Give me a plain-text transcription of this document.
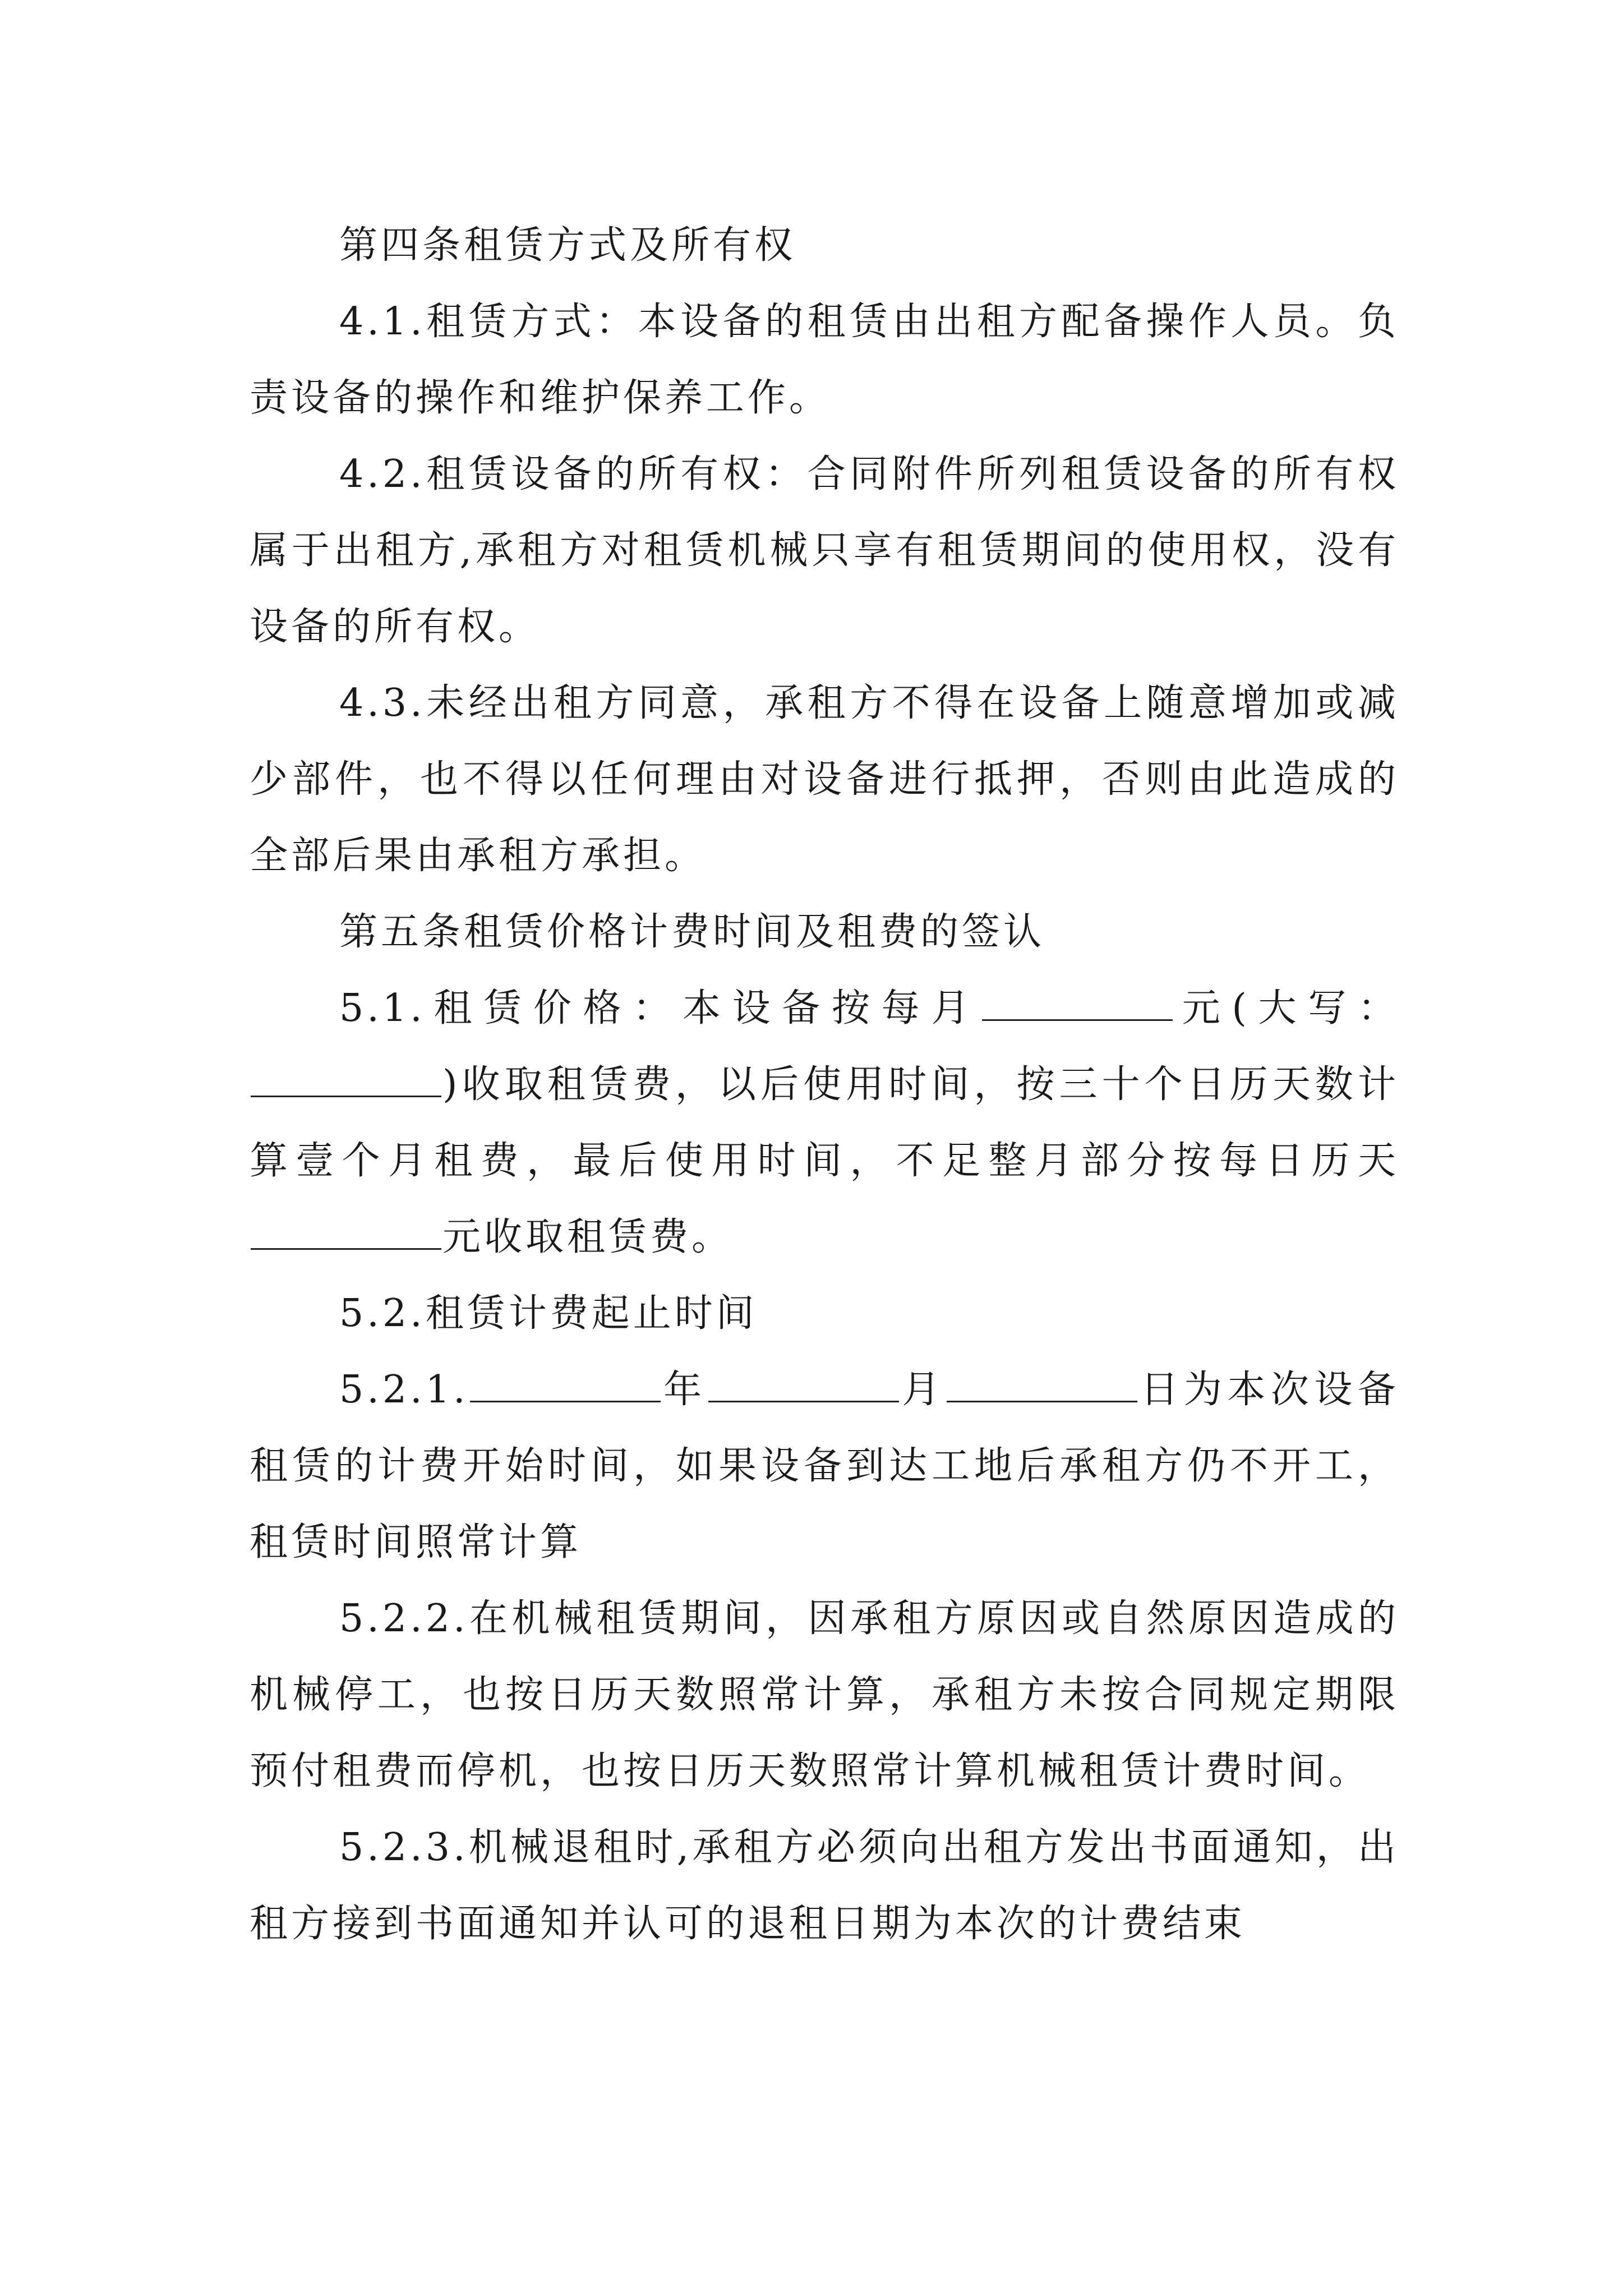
第四条租赁方式及所有权

4.1.租赁方式：本设备的租赁由出租方配备操作人员。负责设备的操作和维护保养工作。

4.2.租赁设备的所有权：合同附件所列租赁设备的所有权属于出租方,承租方对租赁机械只享有租赁期间的使用权，没有设备的所有权。

4.3.未经出租方同意，承租方不得在设备上随意增加或减少部件，也不得以任何理由对设备进行抵押，否则由此造成的全部后果由承租方承担。

第五条租赁价格计费时间及租费的签认

5.1.租赁价格：本设备按每月	元(大写：)收取租赁费，以后使用时间，按三十个日历天数计算壹个月租费，最后使用时间，不足整月部分按每日历天元收取租赁费。

5.2.租赁计费起止时间

5.2.1.	年	月	日为本次设备租赁的计费开始时间，如果设备到达工地后承租方仍不开工，租赁时间照常计算

5.2.2.在机械租赁期间，因承租方原因或自然原因造成的机械停工，也按日历天数照常计算，承租方未按合同规定期限预付租费而停机，也按日历天数照常计算机械租赁计费时间。

5.2.3.机械退租时,承租方必须向出租方发出书面通知，出租方接到书面通知并认可的退租日期为本次的计费结束
